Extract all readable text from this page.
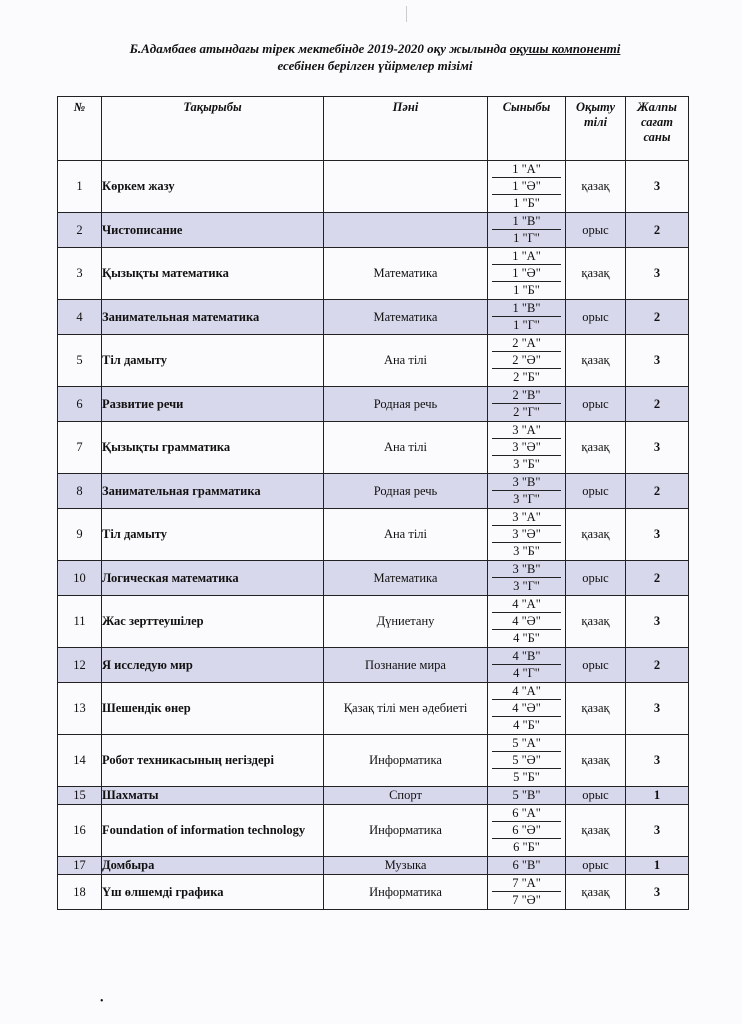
Б.Адамбаев атындағы тірек мектебінде 2019-2020 оқу жылында оқушы компоненті
есебінен берілген үйірмелер тізімі
№	Тақырыбы	Пәні	Сыныбы	Оқыту тілі	Жалпы сағат саны
1	Көркем жазу		1 "А"
1 "Ә"
1 "Б"	қазақ	3
2	Чистописание		1 "В"
1 "Г"	орыс	2
3	Қызықты математика	Математика	1 "А"
1 "Ә"
1 "Б"	қазақ	3
4	Занимательная математика	Математика	1 "В"
1 "Г"	орыс	2
5	Тіл дамыту	Ана тілі	2 "А"
2 "Ә"
2 "Б"	қазақ	3
6	Развитие речи	Родная речь	2 "В"
2 "Г"	орыс	2
7	Қызықты грамматика	Ана тілі	3 "А"
3 "Ә"
3 "Б"	қазақ	3
8	Занимательная грамматика	Родная речь	3 "В"
3 "Г"	орыс	2
9	Тіл дамыту	Ана тілі	3 "А"
3 "Ә"
3 "Б"	қазақ	3
10	Логическая математика	Математика	3 "В"
3 "Г"	орыс	2
11	Жас зерттеушілер	Дүниетану	4 "А"
4 "Ә"
4 "Б"	қазақ	3
12	Я исследую мир	Познание мира	4 "В"
4 "Г"	орыс	2
13	Шешендік өнер	Қазақ тілі мен әдебиеті	4 "А"
4 "Ә"
4 "Б"	қазақ	3
14	Робот техникасының негіздері	Информатика	5 "А"
5 "Ә"
5 "Б"	қазақ	3
15	Шахматы	Спорт	5 "В"	орыс	1
16	Foundation of information technology	Информатика	6 "А"
6 "Ә"
6 "Б"	қазақ	3
17	Домбыра	Музыка	6 "В"	орыс	1
18	Үш өлшемді графика	Информатика	7 "А"
7 "Ә"	қазақ	3
•
